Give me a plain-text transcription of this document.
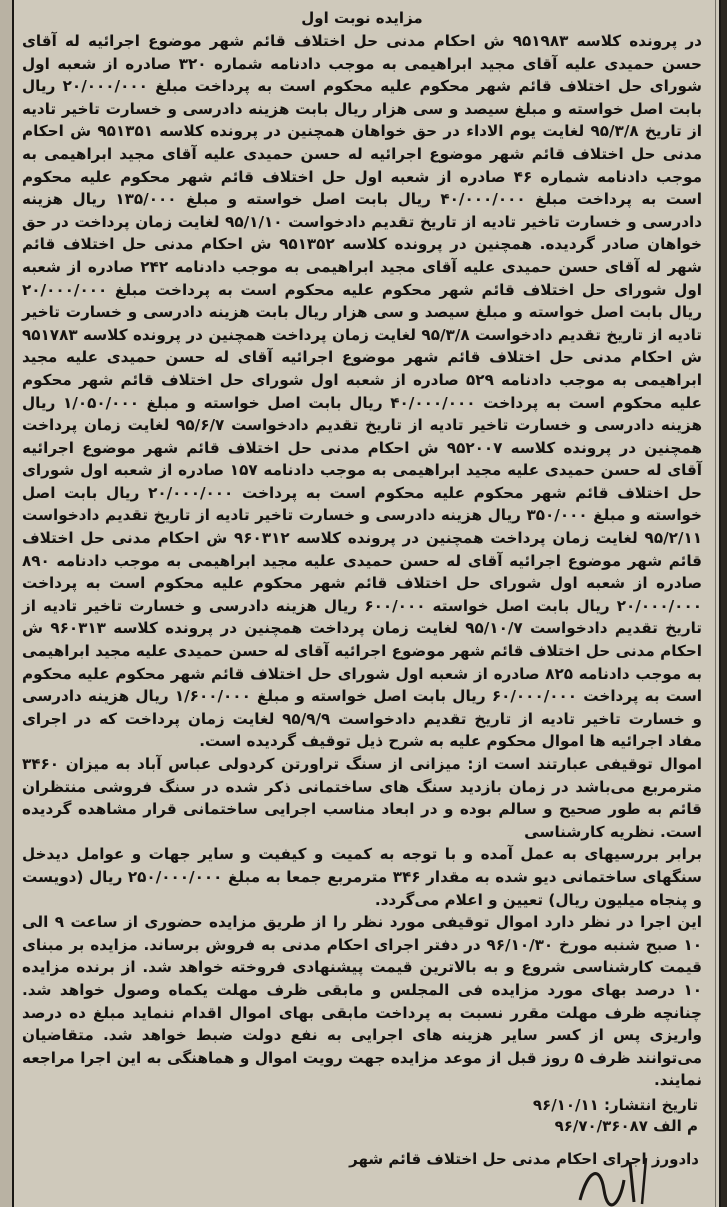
مزایده نوبت اول

در پرونده کلاسه ۹۵۱۹۸۳ ش احکام مدنی حل اختلاف قائم شهر موضوع اجرائیه له آقای حسن حمیدی علیه آقای مجید ابراهیمی به موجب دادنامه شماره ۳۲۰ صادره از شعبه اول شورای حل اختلاف قائم شهر محکوم علیه محکوم است به پرداخت مبلغ ۲۰/۰۰۰/۰۰۰ ریال بابت اصل خواسته و مبلغ سیصد و سی هزار ریال بابت هزینه دادرسی و خسارت تاخیر تادیه از تاریخ ۹۵/۳/۸ لغایت یوم الاداء در حق خواهان همچنین در پرونده کلاسه ۹۵۱۳۵۱ ش احکام مدنی حل اختلاف قائم شهر موضوع اجرائیه له حسن حمیدی علیه آقای مجید ابراهیمی به موجب دادنامه شماره ۴۶ صادره از شعبه اول حل اختلاف قائم شهر محکوم علیه محکوم است به پرداخت مبلغ ۴۰/۰۰۰/۰۰۰ ریال بابت اصل خواسته و مبلغ ۱۳۵/۰۰۰ ریال هزینه دادرسی و خسارت تاخیر تادیه از تاریخ تقدیم دادخواست ۹۵/۱/۱۰ لغایت زمان پرداخت در حق خواهان صادر گردیده. همچنین در پرونده کلاسه ۹۵۱۳۵۲ ش احکام مدنی حل اختلاف قائم شهر له آقای حسن حمیدی علیه آقای مجید ابراهیمی به موجب دادنامه ۲۴۲ صادره از شعبه اول شورای حل اختلاف قائم شهر محکوم علیه محکوم است به پرداخت مبلغ ۲۰/۰۰۰/۰۰۰ ریال بابت اصل خواسته و مبلغ سیصد و سی هزار ریال بابت هزینه دادرسی و خسارت تاخیر تادیه از تاریخ تقدیم دادخواست ۹۵/۳/۸ لغایت زمان پرداخت همچنین در پرونده کلاسه ۹۵۱۷۸۳ ش احکام مدنی حل اختلاف قائم شهر موضوع اجرائیه آقای له حسن حمیدی علیه مجید ابراهیمی به موجب دادنامه ۵۲۹ صادره از شعبه اول شورای حل اختلاف قائم شهر محکوم علیه محکوم است به پرداخت ۴۰/۰۰۰/۰۰۰ ریال بابت اصل خواسته و مبلغ ۱/۰۵۰/۰۰۰ ریال هزینه دادرسی و خسارت تاخیر تادیه از تاریخ تقدیم دادخواست ۹۵/۶/۷ لغایت زمان پرداخت همچنین در پرونده کلاسه ۹۵۲۰۰۷ ش احکام مدنی حل اختلاف قائم شهر موضوع اجرائیه آقای له حسن حمیدی علیه مجید ابراهیمی به موجب دادنامه ۱۵۷ صادره از شعبه اول شورای حل اختلاف قائم شهر محکوم علیه محکوم است به پرداخت ۲۰/۰۰۰/۰۰۰ ریال بابت اصل خواسته و مبلغ ۳۵۰/۰۰۰ ریال هزینه دادرسی و خسارت تاخیر تادیه از تاریخ تقدیم دادخواست ۹۵/۲/۱۱ لغایت زمان پرداخت همچنین در پرونده کلاسه ۹۶۰۳۱۲ ش احکام مدنی حل اختلاف قائم شهر موضوع اجرائیه آقای له حسن حمیدی علیه مجید ابراهیمی به موجب دادنامه ۸۹۰ صادره از شعبه اول شورای حل اختلاف قائم شهر محکوم علیه محکوم است به پرداخت ۲۰/۰۰۰/۰۰۰ ریال بابت اصل خواسته ۶۰۰/۰۰۰ ریال هزینه دادرسی و خسارت تاخیر تادیه از تاریخ تقدیم دادخواست ۹۵/۱۰/۷ لغایت زمان پرداخت همچنین در پرونده کلاسه ۹۶۰۳۱۳ ش احکام مدنی حل اختلاف قائم شهر موضوع اجرائیه آقای له حسن حمیدی علیه مجید ابراهیمی به موجب دادنامه ۸۲۵ صادره از شعبه اول شورای حل اختلاف قائم شهر محکوم علیه محکوم است به پرداخت ۶۰/۰۰۰/۰۰۰ ریال بابت اصل خواسته و مبلغ ۱/۶۰۰/۰۰۰ ریال هزینه دادرسی و خسارت تاخیر تادیه از تاریخ تقدیم دادخواست ۹۵/۹/۹ لغایت زمان پرداخت که در اجرای مفاد اجرائیه ها اموال محکوم علیه به شرح ذیل توقیف گردیده است.

اموال توقیفی عبارتند است از: میزانی از سنگ تراورتن کردولی عباس آباد به میزان ۳۴۶۰ مترمربع می‌باشد در زمان بازدید سنگ های ساختمانی ذکر شده در سنگ فروشی منتظران قائم به طور صحیح و سالم بوده و در ابعاد مناسب اجرایی ساختمانی قرار مشاهده گردیده است. نظریه کارشناسی

برابر بررسیهای به عمل آمده و با توجه به کمیت و کیفیت و سایر جهات و عوامل دیدخل سنگهای ساختمانی دیو شده به مقدار ۳۴۶ مترمربع جمعا به مبلغ ۲۵۰/۰۰۰/۰۰۰ ریال (دویست و پنجاه میلیون ریال) تعیین و اعلام می‌گردد.

این اجرا در نظر دارد اموال توقیفی مورد نظر را از طریق مزایده حضوری از ساعت ۹ الی ۱۰ صبح شنبه مورخ ۹۶/۱۰/۳۰ در دفتر اجرای احکام مدنی به فروش برساند. مزایده بر مبنای قیمت کارشناسی شروع و به بالاترین قیمت پیشنهادی فروخته خواهد شد. از برنده مزایده ۱۰ درصد بهای مورد مزایده فی المجلس و مابقی ظرف مهلت یکماه وصول خواهد شد. چنانچه ظرف مهلت مقرر نسبت به پرداخت مابقی بهای اموال اقدام ننماید مبلغ ده درصد واریزی پس از کسر سایر هزینه های اجرایی به نفع دولت ضبط خواهد شد. متقاضیان می‌توانند ظرف ۵ روز قبل از موعد مزایده جهت رویت اموال و هماهنگی به این اجرا مراجعه نمایند.

تاریخ انتشار: ۹۶/۱۰/۱۱

م الف ۹۶/۷۰/۳۶۰۸۷

دادورز اجرای احکام مدنی حل اختلاف قائم شهر
